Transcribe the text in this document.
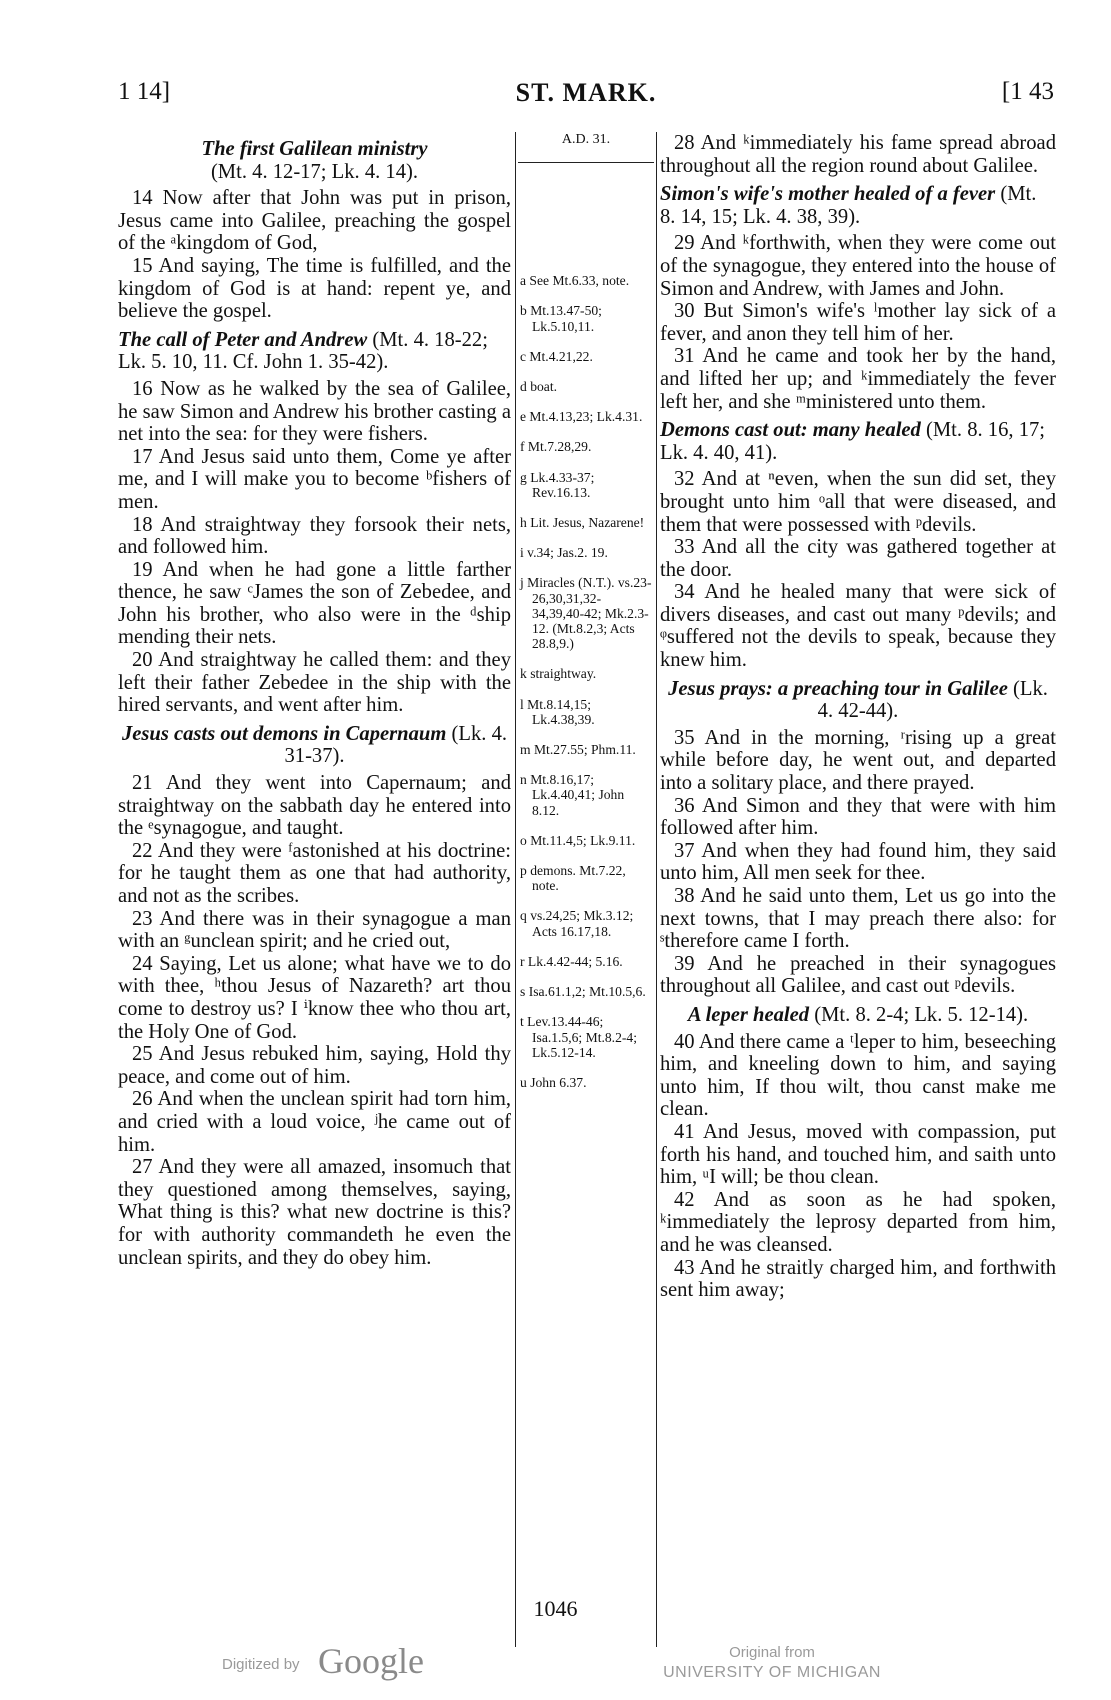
1 14]	ST. MARK.	[1 43
The first Galilean ministry
(Mt. 4. 12-17; Lk. 4. 14).

14 Now after that John was put in prison, Jesus came into Galilee, preaching the gospel of the ᵃkingdom of God,

15 And saying, The time is fulfilled, and the kingdom of God is at hand: repent ye, and believe the gospel.

The call of Peter and Andrew (Mt. 4. 18-22; Lk. 5. 10, 11. Cf. John 1. 35-42).

16 Now as he walked by the sea of Galilee, he saw Simon and Andrew his brother casting a net into the sea: for they were fishers.

17 And Jesus said unto them, Come ye after me, and I will make you to become ᵇfishers of men.

18 And straightway they forsook their nets, and followed him.

19 And when he had gone a little farther thence, he saw ᶜJames the son of Zebedee, and John his brother, who also were in the ᵈship mending their nets.

20 And straightway he called them: and they left their father Zebedee in the ship with the hired servants, and went after him.

Jesus casts out demons in Capernaum (Lk. 4. 31-37).

21 And they went into Capernaum; and straightway on the sabbath day he entered into the ᵉsynagogue, and taught.

22 And they were ᶠastonished at his doctrine: for he taught them as one that had authority, and not as the scribes.

23 And there was in their synagogue a man with an ᵍunclean spirit; and he cried out,

24 Saying, Let us alone; what have we to do with thee, ʰthou Jesus of Nazareth? art thou come to destroy us? I ⁱknow thee who thou art, the Holy One of God.

25 And Jesus rebuked him, saying, Hold thy peace, and come out of him.

26 And when the unclean spirit had torn him, and cried with a loud voice, ʲhe came out of him.

27 And they were all amazed, insomuch that they questioned among themselves, saying, What thing is this? what new doctrine is this? for with authority commandeth he even the unclean spirits, and they do obey him.

A.D. 31.

a See Mt.6.33, note.

b Mt.13.47-50; Lk.5.10,11.

c Mt.4.21,22.

d boat.

e Mt.4.13,23; Lk.4.31.

f Mt.7.28,29.

g Lk.4.33-37; Rev.16.13.

h Lit. Jesus, Nazarene!

i v.34; Jas.2. 19.

j Miracles (N.T.). vs.23-26,30,31,32-34,39,40-42; Mk.2.3-12. (Mt.8.2,3; Acts 28.8,9.)

k straightway.

l Mt.8.14,15; Lk.4.38,39.

m Mt.27.55; Phm.11.

n Mt.8.16,17; Lk.4.40,41; John 8.12.

o Mt.11.4,5; Lk.9.11.

p demons. Mt.7.22, note.

q vs.24,25; Mk.3.12; Acts 16.17,18.

r Lk.4.42-44; 5.16.

s Isa.61.1,2; Mt.10.5,6.

t Lev.13.44-46; Isa.1.5,6; Mt.8.2-4; Lk.5.12-14.

u John 6.37.

28 And ᵏimmediately his fame spread abroad throughout all the region round about Galilee.

Simon's wife's mother healed of a fever (Mt. 8. 14, 15; Lk. 4. 38, 39).

29 And ᵏforthwith, when they were come out of the synagogue, they entered into the house of Simon and Andrew, with James and John.

30 But Simon's wife's ˡmother lay sick of a fever, and anon they tell him of her.

31 And he came and took her by the hand, and lifted her up; and ᵏimmediately the fever left her, and she ᵐministered unto them.

Demons cast out: many healed (Mt. 8. 16, 17; Lk. 4. 40, 41).

32 And at ⁿeven, when the sun did set, they brought unto him ᵒall that were diseased, and them that were possessed with ᵖdevils.

33 And all the city was gathered together at the door.

34 And he healed many that were sick of divers diseases, and cast out many ᵖdevils; and ᵠsuffered not the devils to speak, because they knew him.

Jesus prays: a preaching tour in Galilee (Lk. 4. 42-44).

35 And in the morning, ʳrising up a great while before day, he went out, and departed into a solitary place, and there prayed.

36 And Simon and they that were with him followed after him.

37 And when they had found him, they said unto him, All men seek for thee.

38 And he said unto them, Let us go into the next towns, that I may preach there also: for ˢtherefore came I forth.

39 And he preached in their synagogues throughout all Galilee, and cast out ᵖdevils.

A leper healed (Mt. 8. 2-4; Lk. 5. 12-14).

40 And there came a ᵗleper to him, beseeching him, and kneeling down to him, and saying unto him, If thou wilt, thou canst make me clean.

41 And Jesus, moved with compassion, put forth his hand, and touched him, and saith unto him, ᵘI will; be thou clean.

42 And as soon as he had spoken, ᵏimmediately the leprosy departed from him, and he was cleansed.

43 And he straitly charged him, and forthwith sent him away;

1046
Digitized by Google	Original from
UNIVERSITY OF MICHIGAN
